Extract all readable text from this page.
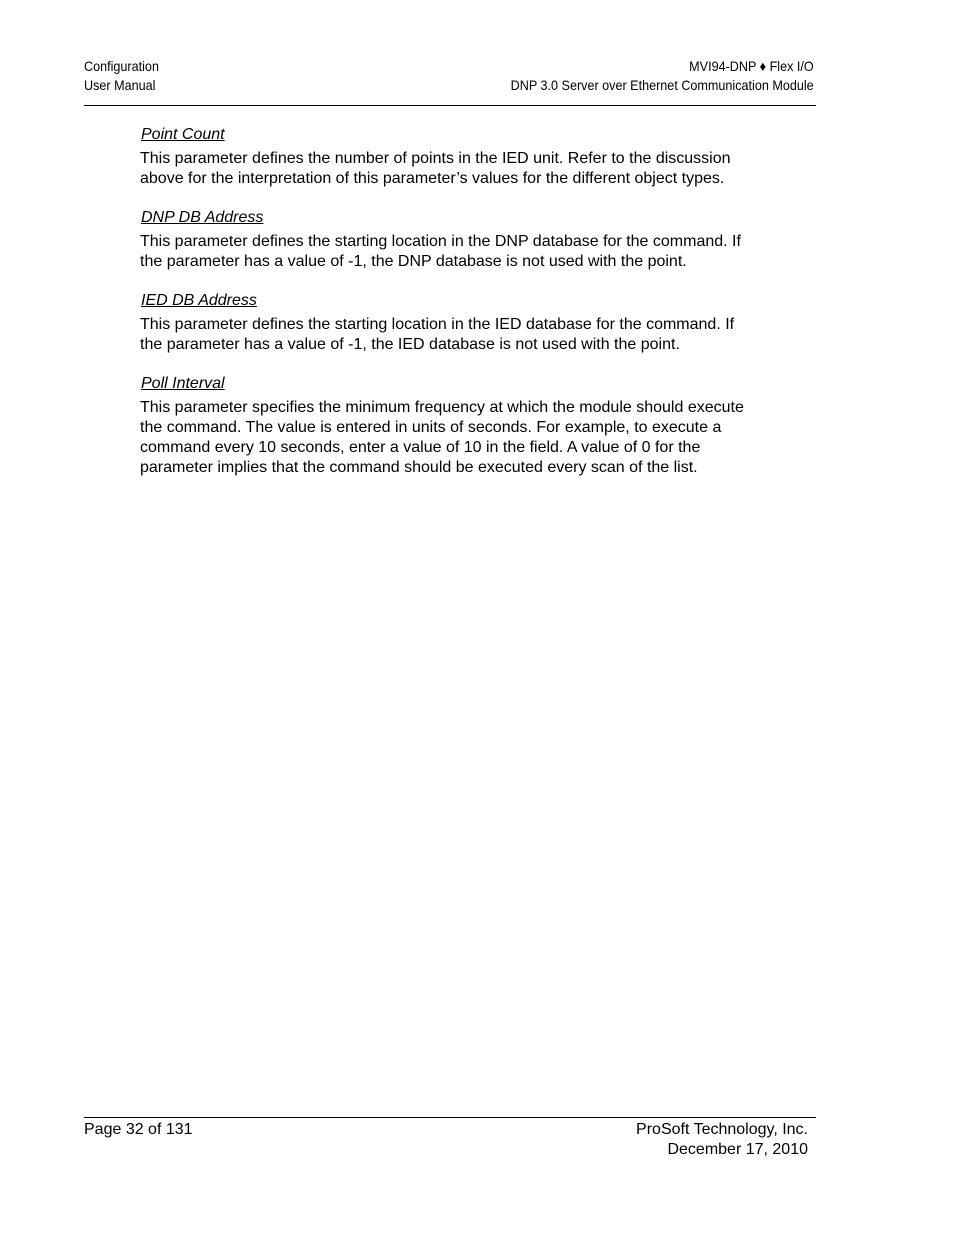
Configuration
User Manual
MVI94-DNP ♦ Flex I/O
DNP 3.0 Server over Ethernet Communication Module
Point Count

This parameter defines the number of points in the IED unit. Refer to the discussion above for the interpretation of this parameter’s values for the different object types.

DNP DB Address

This parameter defines the starting location in the DNP database for the command. If the parameter has a value of -1, the DNP database is not used with the point.

IED DB Address

This parameter defines the starting location in the IED database for the command. If the parameter has a value of -1, the IED database is not used with the point.

Poll Interval

This parameter specifies the minimum frequency at which the module should execute the command. The value is entered in units of seconds. For example, to execute a command every 10 seconds, enter a value of 10 in the field. A value of 0 for the parameter implies that the command should be executed every scan of the list.

Page 32 of 131	ProSoft Technology, Inc.
December 17, 2010
